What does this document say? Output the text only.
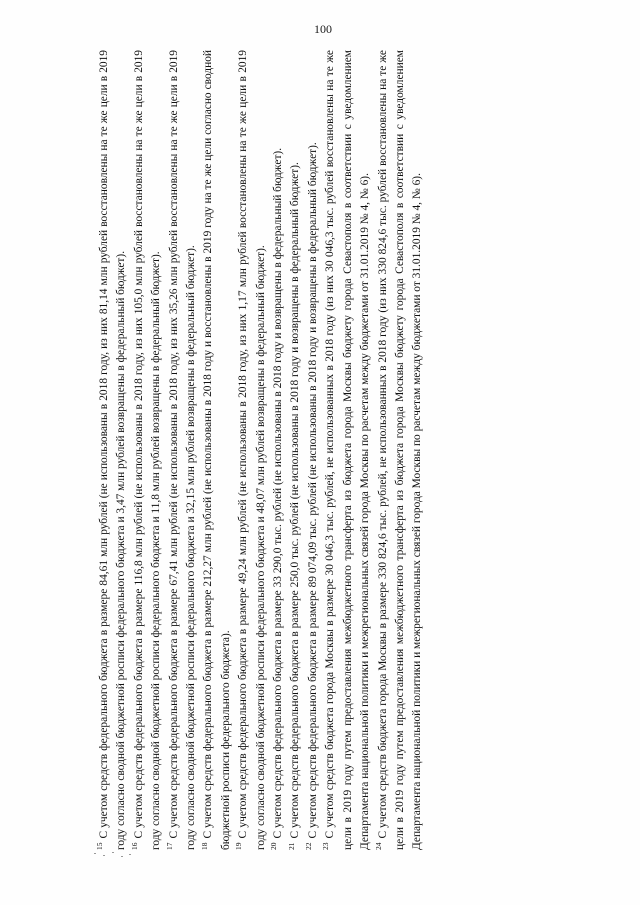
100

$^{15}$С учетом средств федерального бюджета в размере 84,61 млн рублей (не использованы в 2018 году, из них 81,14 млн рублей восстановлены на те же цели в 2019 году согласно сводной бюджетной росписи федерального бюджета и 3,47 млн рублей возвращены в федеральный бюджет). $^{16}$С учетом средств федерального бюджета в размере 116,8 млн рублей (не использованы в 2018 году, из них 105,0 млн рублей восстановлены на те же цели в 2019 году согласно сводной бюджетной росписи федерального бюджета и 11,8 млн рублей возвращены в федеральный бюджет). $^{17}$С учетом средств федерального бюджета в размере 67,41 млн рублей (не использованы в 2018 году, из них 35,26 млн рублей восстановлены на те же цели в 2019 году согласно сводной бюджетной росписи федерального бюджета и 32,15 млн рублей возвращены в федеральный бюджет). $^{18}$С учетом средств федерального бюджета в размере 212,27 млн рублей (не использованы в 2018 году и восстановлены в 2019 году на те же цели согласно сводной бюджетной росписи федерального бюджета). $^{19}$С учетом средств федерального бюджета в размере 49,24 млн рублей (не использованы в 2018 году, из них 1,17 млн рублей восстановлены на те же цели в 2019 году согласно сводной бюджетной росписи федерального бюджета и 48,07 млн рублей возвращены в федеральный бюджет). $^{20}$С учетом средств федерального бюджета в размере 33 290,0 тыс. рублей (не использованы в 2018 году и возвращены в федеральный бюджет).

$^{21}$С учетом средств федерального бюджета в размере 250,0 тыс. рублей (не использованы в 2018 году и возвращены в федеральный бюджет).

$^{22}$С учетом средств федерального бюджета в размере 89 074,09 тыс. рублей (не использованы в 2018 году и возвращены в федеральный бюджет).

$^{23}$С учетом средств бюджета города Москвы в размере 30 046,3 тыс. рублей, не использованных в 2018 году (из них 30 046,3 тыс. рублей восстановлены на те же цели в 2019 году путем предоставления межбюджетного трансферта из бюджета города Москвы бюджету города Севастополя в соответствии с уведомлением Департамента национальной политики и межрегиональных связей города Москвы по расчетам между бюджетами от 31.01.2019 № 4, № 6). $^{24}$С учетом средств бюджета города Москвы в размере 330 824,6 тыс. рублей, не использованных в 2018 году (из них 330 824,6 тыс. рублей восстановлены на те же цели в 2019 году путем предоставления межбюджетного трансферта из бюджета города Москвы бюджету города Севастополя в соответствии с уведомлением Департамента национальной политики и межрегиональных связей города Москвы по расчетам между бюджетами от 31.01.2019 № 4, № 6).
